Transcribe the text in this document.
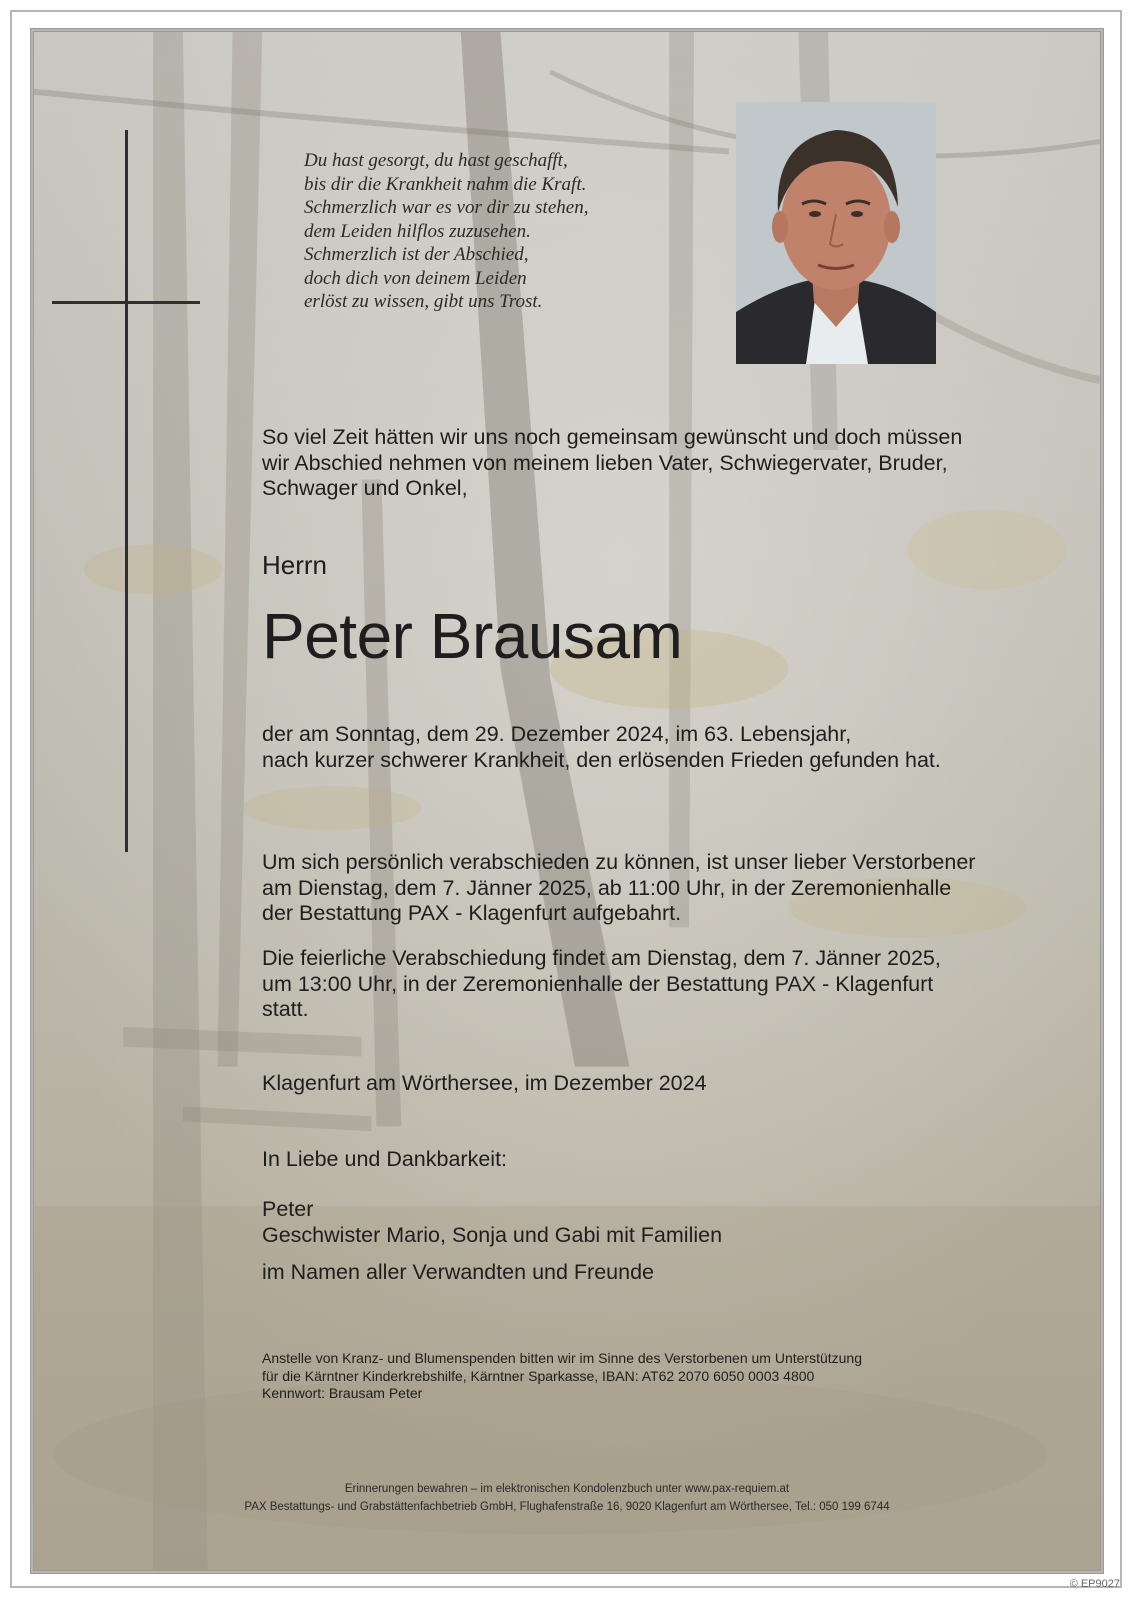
Du hast gesorgt, du hast geschafft,
bis dir die Krankheit nahm die Kraft.
Schmerzlich war es vor dir zu stehen,
dem Leiden hilflos zuzusehen.
Schmerzlich ist der Abschied,
doch dich von deinem Leiden
erlöst zu wissen, gibt uns Trost.
So viel Zeit hätten wir uns noch gemeinsam gewünscht und doch müssen
wir Abschied nehmen von meinem lieben Vater, Schwiegervater, Bruder,
Schwager und Onkel,
Herrn
Peter Brausam
der am Sonntag, dem 29. Dezember 2024, im 63. Lebensjahr,
nach kurzer schwerer Krankheit, den erlösenden Frieden gefunden hat.
Um sich persönlich verabschieden zu können, ist unser lieber Verstorbener
am Dienstag, dem 7. Jänner 2025, ab 11:00 Uhr, in der Zeremonienhalle
der Bestattung PAX - Klagenfurt aufgebahrt.
Die feierliche Verabschiedung findet am Dienstag, dem 7. Jänner 2025,
um 13:00 Uhr, in der Zeremonienhalle der Bestattung PAX - Klagenfurt
statt.
Klagenfurt am Wörthersee, im Dezember 2024
In Liebe und Dankbarkeit:
Peter
Geschwister Mario, Sonja und Gabi mit Familien
im Namen aller Verwandten und Freunde
Anstelle von Kranz- und Blumenspenden bitten wir im Sinne des Verstorbenen um Unterstützung
für die Kärntner Kinderkrebshilfe, Kärntner Sparkasse, IBAN: AT62 2070 6050 0003 4800
Kennwort: Brausam Peter
Erinnerungen bewahren – im elektronischen Kondolenzbuch unter www.pax-requiem.at
PAX Bestattungs- und Grabstättenfachbetrieb GmbH, Flughafenstraße 16, 9020 Klagenfurt am Wörthersee, Tel.: 050 199 6744
© EP9027
